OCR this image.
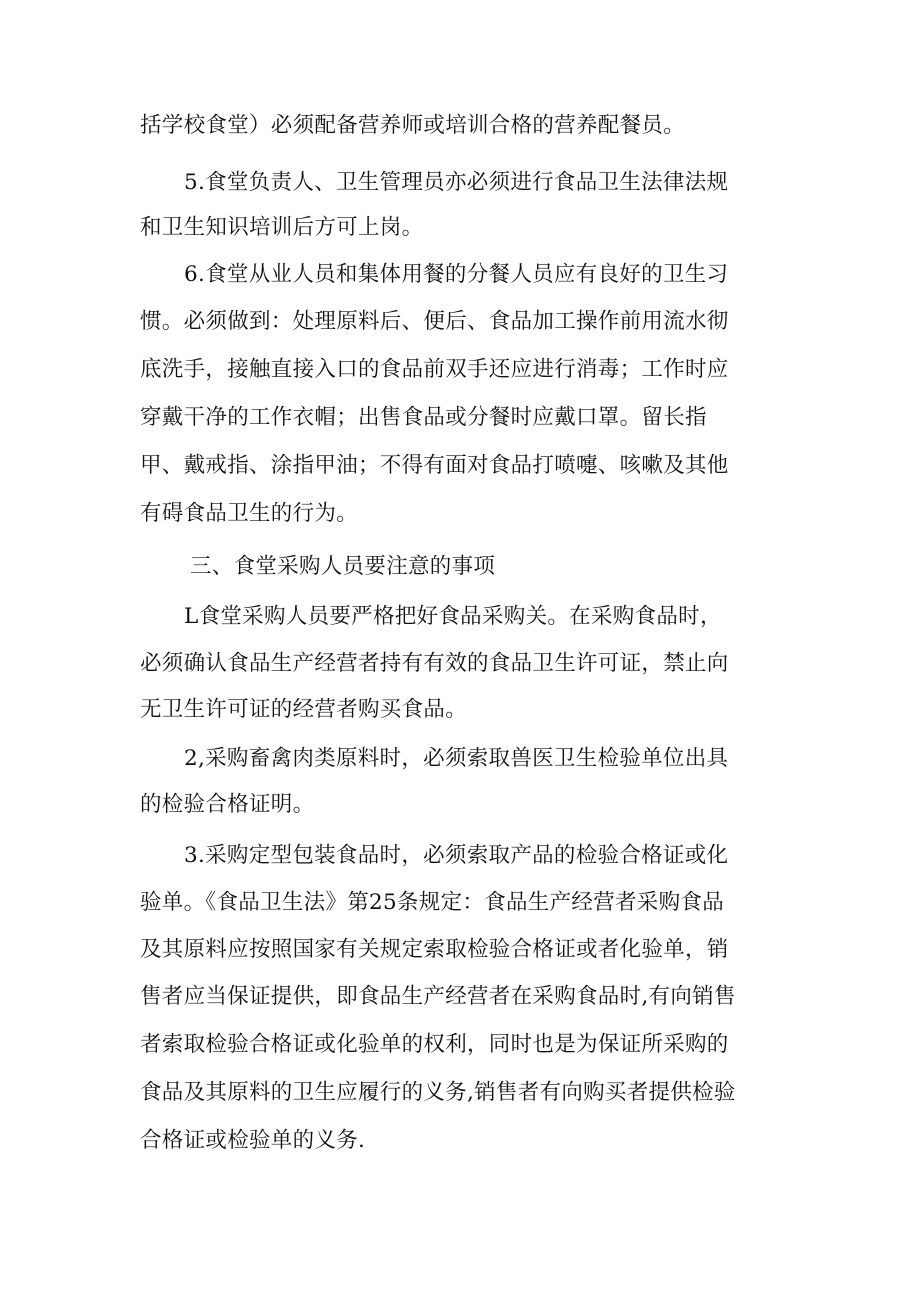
括学校食堂）必须配备营养师或培训合格的营养配餐员。
5.食堂负责人、卫生管理员亦必须进行食品卫生法律法规
和卫生知识培训后方可上岗。
6.食堂从业人员和集体用餐的分餐人员应有良好的卫生习
惯。必须做到：处理原料后、便后、食品加工操作前用流水彻
底洗手，接触直接入口的食品前双手还应进行消毒；工作时应
穿戴干净的工作衣帽；出售食品或分餐时应戴口罩。留长指
甲、戴戒指、涂指甲油；不得有面对食品打喷嚏、咳嗽及其他
有碍食品卫生的行为。
三、食堂采购人员要注意的事项
L食堂采购人员要严格把好食品采购关。在采购食品时，
必须确认食品生产经营者持有有效的食品卫生许可证，禁止向
无卫生许可证的经营者购买食品。
2,采购畜禽肉类原料时，必须索取兽医卫生检验单位出具
的检验合格证明。
3.采购定型包装食品时，必须索取产品的检验合格证或化
验单。《食品卫生法》第25条规定：食品生产经营者采购食品
及其原料应按照国家有关规定索取检验合格证或者化验单，销
售者应当保证提供，即食品生产经营者在采购食品时,有向销售
者索取检验合格证或化验单的权利，同时也是为保证所采购的
食品及其原料的卫生应履行的义务,销售者有向购买者提供检验
合格证或检验单的义务.
